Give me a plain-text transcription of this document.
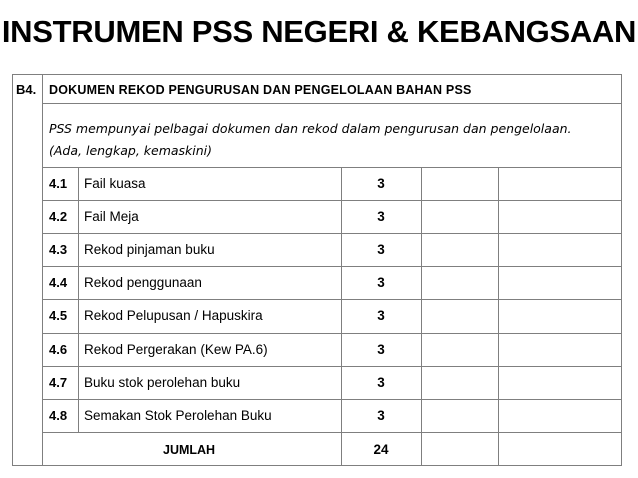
INSTRUMEN PSS NEGERI & KEBANGSAAN
B4. DOKUMEN REKOD PENGURUSAN DAN PENGELOLAAN BAHAN PSS
PSS mempunyai pelbagai dokumen dan rekod dalam pengurusan dan pengelolaan.
(Ada, lengkap, kemaskini)
4.1 Fail kuasa	3
4.2 Fail Meja	3
4.3 Rekod pinjaman buku	3
4.4 Rekod penggunaan	3
4.5 Rekod Pelupusan / Hapuskira	3
4.6 Rekod Pergerakan (Kew PA.6)	3
4.7 Buku stok perolehan buku	3
4.8 Semakan Stok Perolehan Buku	3
JUMLAH	24
